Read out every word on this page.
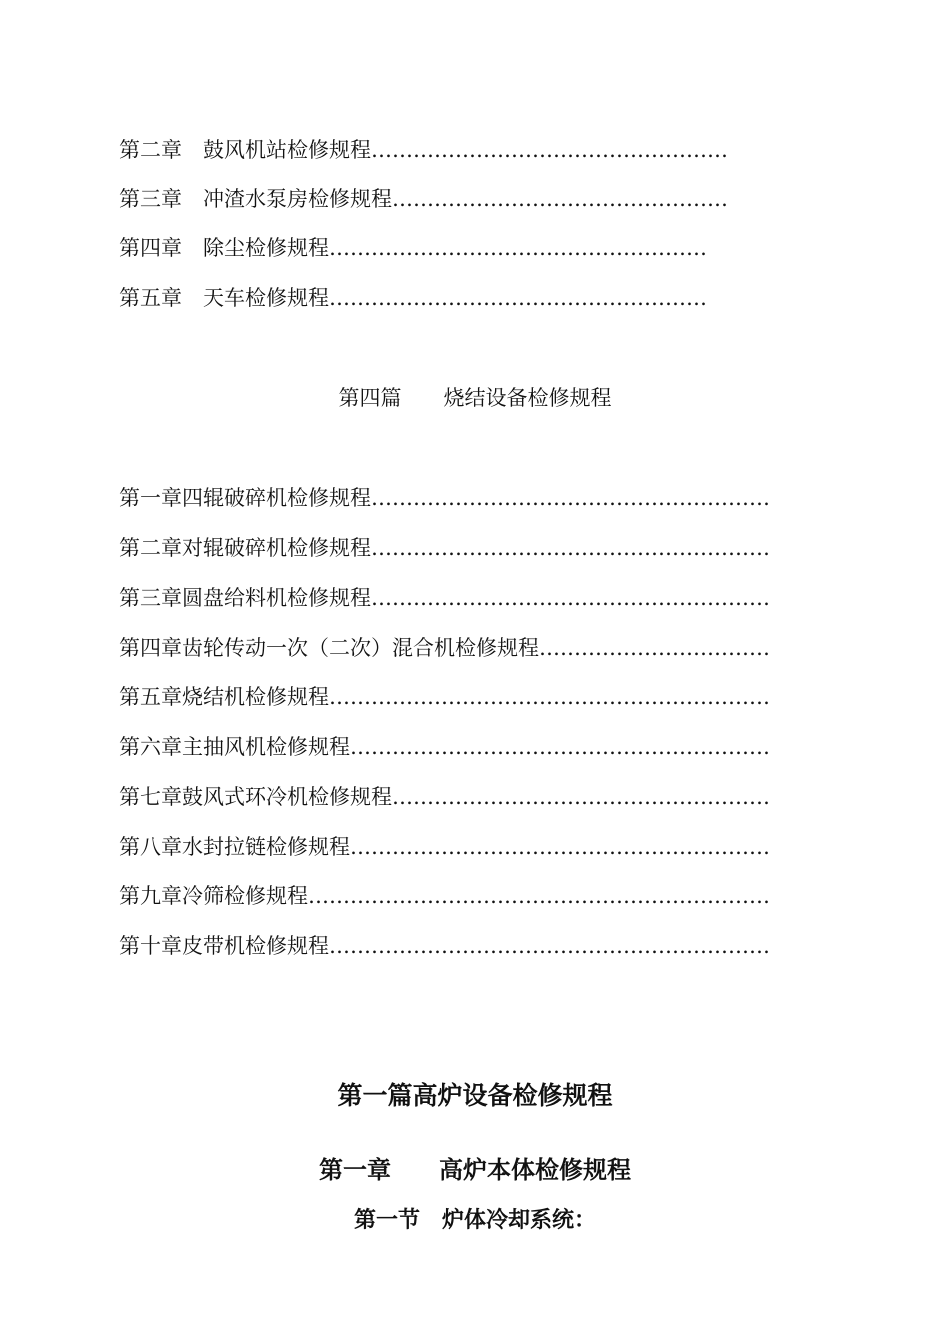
第二章　鼓风机站检修规程……………………………………………
第三章　冲渣水泵房检修规程…………………………………………
第四章　除尘检修规程………………………………………………
第五章　天车检修规程………………………………………………
第四篇　　烧结设备检修规程
第一章四辊破碎机检修规程…………………………………………………
第二章对辊破碎机检修规程…………………………………………………
第三章圆盘给料机检修规程…………………………………………………
第四章齿轮传动一次（二次）混合机检修规程……………………………
第五章烧结机检修规程………………………………………………………
第六章主抽风机检修规程……………………………………………………
第七章鼓风式环冷机检修规程………………………………………………
第八章水封拉链检修规程……………………………………………………
第九章冷筛检修规程…………………………………………………………
第十章皮带机检修规程………………………………………………………
第一篇高炉设备检修规程
第一章　　高炉本体检修规程
第一节　炉体冷却系统：
